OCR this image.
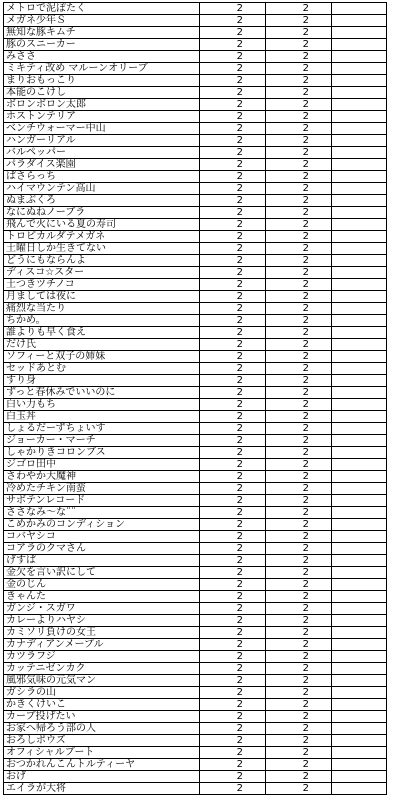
メトロで泥ぽたく	2	2	
メガネ少年Ｓ	2	2	
無知な豚キムチ	2	2	
豚のスニーカー	2	2	
みささ	2	2	
ミキティ改め マルーンオリーブ	2	2	
まりおもっこり	2	2	
本能のこけし	2	2	
ボロンボロン太郎	2	2	
ホストンテリア	2	2	
ベンチウォーマー中山	2	2	
ハンガーリアル	2	2	
バルペッパー	2	2	
パラダイス楽園	2	2	
ぱさらっち	2	2	
ハイマウンテン高山	2	2	
ぬまぶくろ	2	2	
なにぬねノーブラ	2	2	
飛んで火にいる夏の寿司	2	2	
トロピカルダテメガネ	2	2	
土曜日しか生きてない	2	2	
どうにもならんよ	2	2	
ディスコ☆スター	2	2	
土つきツチノコ	2	2	
月ましては夜に	2	2	
痛烈な当たり	2	2	
ちかめ。	2	2	
誰よりも早く食え	2	2	
だけ氏	2	2	
ソフィーと双子の姉妹	2	2	
セッドあとむ	2	2	
すり身	2	2	
ずっと春休みでいいのに	2	2	
白い力もち	2	2	
白玉丼	2	2	
しょるだーずちょいす	2	2	
ジョーカー・マーチ	2	2	
しゃかりきコロンブス	2	2	
ジゴロ田中	2	2	
さわやか大魔神	2	2	
冷めたチキン南蛮	2	2	
サボテンレコード	2	2	
ささなみ〜な¨¨	2	2	
こめかみのコンディション	2	2	
コバヤシコ	2	2	
コアラのクマさん	2	2	
げすぱ	2	2	
金欠を言い訳にして	2	2	
金のじん	2	2	
きゃんた	2	2	
ガンジ・スガワ	2	2	
カレーよりハヤシ	2	2	
カミソリ負けの女王	2	2	
カナディアンメープル	2	2	
カツラフジ	2	2	
カッテニゼンカク	2	2	
風邪気味の元気マン	2	2	
ガシラの山	2	2	
かきくけいこ	2	2	
カーブ投げたい	2	2	
お家へ帰ろう部の人	2	2	
おろしポウズ	2	2	
オフィシャルブート	2	2	
おつかれんこんトルティーヤ	2	2	
おげ	2	2	
エイラが大将	2	2	
